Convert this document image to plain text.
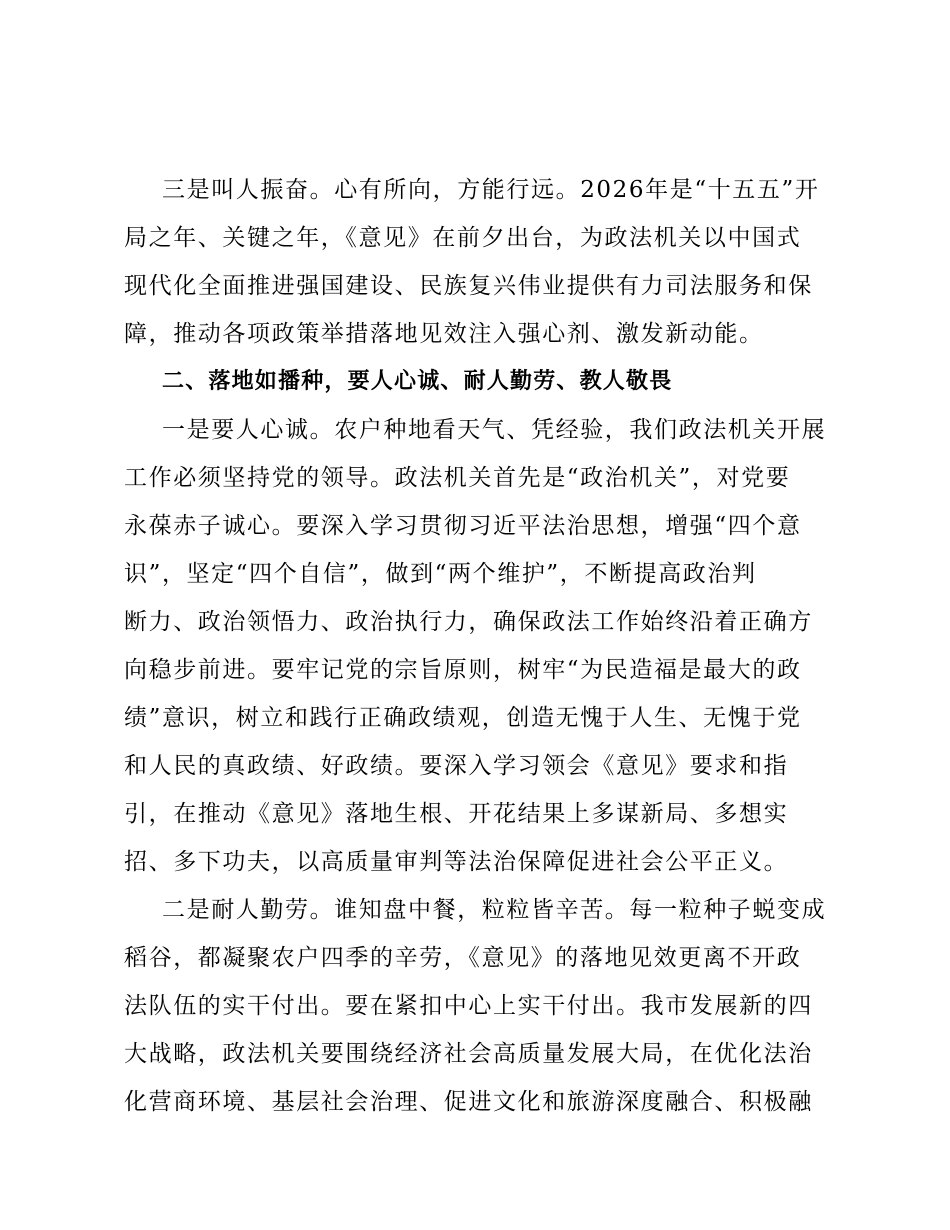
三是叫人振奋。心有所向，方能行远。2026年是“十五五”开
局之年、关键之年，《意见》在前夕出台，为政法机关以中国式
现代化全面推进强国建设、民族复兴伟业提供有力司法服务和保
障，推动各项政策举措落地见效注入强心剂、激发新动能。
二、落地如播种，要人心诚、耐人勤劳、教人敬畏
一是要人心诚。农户种地看天气、凭经验，我们政法机关开展
工作必须坚持党的领导。政法机关首先是“政治机关”，对党要
永葆赤子诚心。要深入学习贯彻习近平法治思想，增强“四个意
识”，坚定“四个自信”，做到“两个维护”，不断提高政治判
断力、政治领悟力、政治执行力，确保政法工作始终沿着正确方
向稳步前进。要牢记党的宗旨原则，树牢“为民造福是最大的政
绩”意识，树立和践行正确政绩观，创造无愧于人生、无愧于党
和人民的真政绩、好政绩。要深入学习领会《意见》要求和指
引，在推动《意见》落地生根、开花结果上多谋新局、多想实
招、多下功夫，以高质量审判等法治保障促进社会公平正义。
二是耐人勤劳。谁知盘中餐，粒粒皆辛苦。每一粒种子蜕变成
稻谷，都凝聚农户四季的辛劳，《意见》的落地见效更离不开政
法队伍的实干付出。要在紧扣中心上实干付出。我市发展新的四
大战略，政法机关要围绕经济社会高质量发展大局，在优化法治
化营商环境、基层社会治理、促进文化和旅游深度融合、积极融
